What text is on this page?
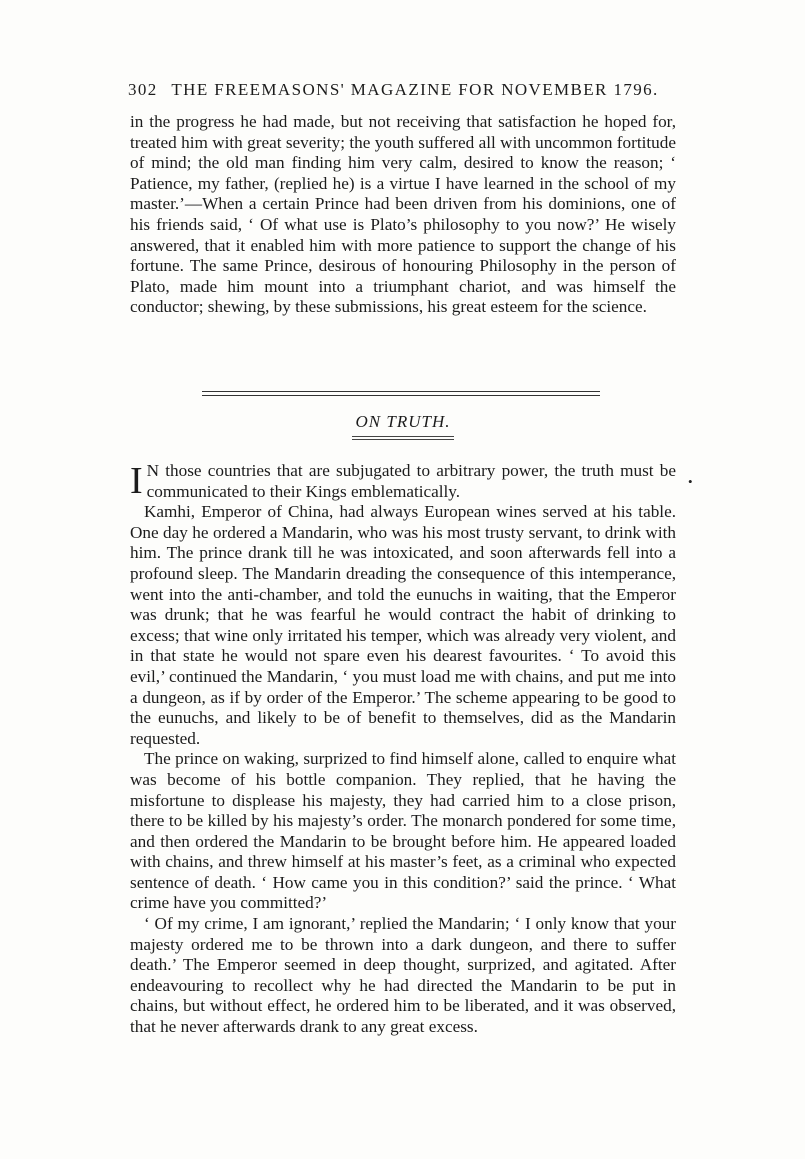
302 THE FREEMASONS' MAGAZINE FOR NOVEMBER 1796.

in the progress he had made, but not receiving that satisfaction he hoped for, treated him with great severity; the youth suffered all with uncommon fortitude of mind; the old man finding him very calm, desired to know the reason; ‘ Patience, my father, (replied he) is a virtue I have learned in the school of my master.’—When a certain Prince had been driven from his dominions, one of his friends said, ‘ Of what use is Plato’s philosophy to you now?’ He wisely answered, that it enabled him with more patience to support the change of his fortune. The same Prince, desirous of honouring Philosophy in the person of Plato, made him mount into a triumphant chariot, and was himself the conductor; shewing, by these submissions, his great esteem for the science.

ON TRUTH.
•

I N those countries that are subjugated to arbitrary power, the truth must be communicated to their Kings emblematically.

Kamhi, Emperor of China, had always European wines served at his table. One day he ordered a Mandarin, who was his most trusty servant, to drink with him. The prince drank till he was intoxicated, and soon afterwards fell into a profound sleep. The Mandarin dreading the consequence of this intemperance, went into the anti-chamber, and told the eunuchs in waiting, that the Emperor was drunk; that he was fearful he would contract the habit of drinking to excess; that wine only irritated his temper, which was already very violent, and in that state he would not spare even his dearest favourites. ‘ To avoid this evil,’ continued the Mandarin, ‘ you must load me with chains, and put me into a dungeon, as if by order of the Emperor.’ The scheme appearing to be good to the eunuchs, and likely to be of benefit to themselves, did as the Mandarin requested.

The prince on waking, surprized to find himself alone, called to enquire what was become of his bottle companion. They replied, that he having the misfortune to displease his majesty, they had carried him to a close prison, there to be killed by his majesty’s order. The monarch pondered for some time, and then ordered the Mandarin to be brought before him. He appeared loaded with chains, and threw himself at his master’s feet, as a criminal who expected sentence of death. ‘ How came you in this condition?’ said the prince. ‘ What crime have you committed?’

‘ Of my crime, I am ignorant,’ replied the Mandarin; ‘ I only know that your majesty ordered me to be thrown into a dark dungeon, and there to suffer death.’ The Emperor seemed in deep thought, surprized, and agitated. After endeavouring to recollect why he had directed the Mandarin to be put in chains, but without effect, he ordered him to be liberated, and it was observed, that he never afterwards drank to any great excess.
